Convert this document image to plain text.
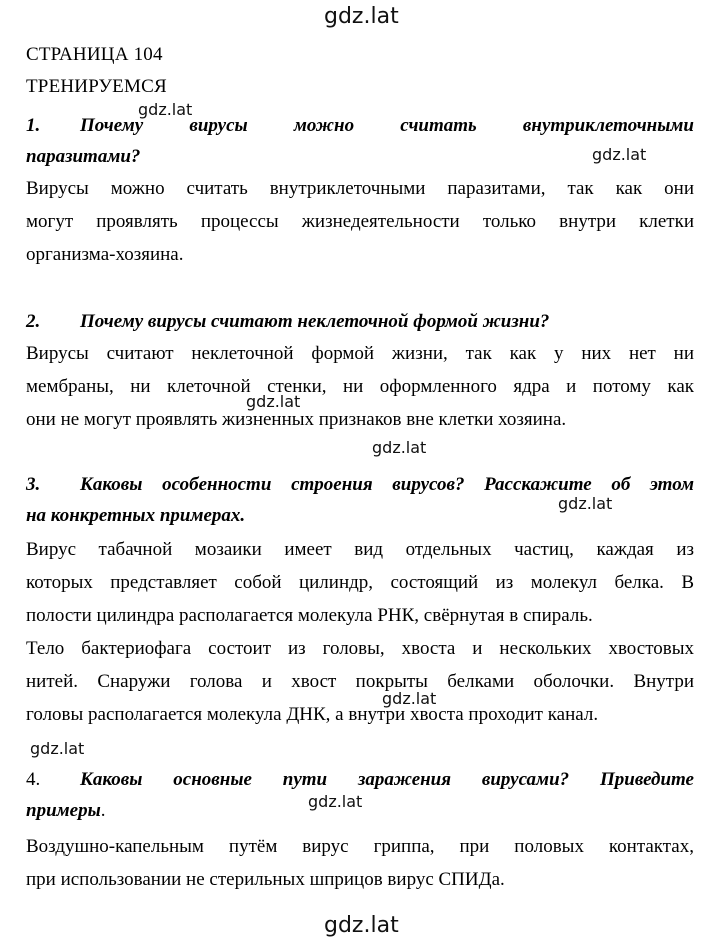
gdz.lat
gdz.lat
gdz.lat
gdz.lat
gdz.lat
gdz.lat
gdz.lat
gdz.lat
gdz.lat
gdz.lat
СТРАНИЦА 104
ТРЕНИРУЕМСЯ
1. Почему вирусы можно считать внутриклеточными
паразитами?
Вирусы можно считать внутриклеточными паразитами, так как они
могут проявлять процессы жизнедеятельности только внутри клетки
организма-хозяина.
2. Почему вирусы считают неклеточной формой жизни?
Вирусы считают неклеточной формой жизни, так как у них нет ни
мембраны, ни клеточной стенки, ни оформленного ядра и потому как
они не могут проявлять жизненных признаков вне клетки хозяина.
3. Каковы особенности строения вирусов? Расскажите об этом
на конкретных примерах.
Вирус табачной мозаики имеет вид отдельных частиц, каждая из
которых представляет собой цилиндр, состоящий из молекул белка. В
полости цилиндра располагается молекула РНК, свёрнутая в спираль.
Тело бактериофага состоит из головы, хвоста и нескольких хвостовых
нитей. Снаружи голова и хвост покрыты белками оболочки. Внутри
головы располагается молекула ДНК, а внутри хвоста проходит канал.
4. Каковы основные пути заражения вирусами? Приведите
примеры.
Воздушно-капельным путём вирус гриппа, при половых контактах,
при использовании не стерильных шприцов вирус СПИДа.
